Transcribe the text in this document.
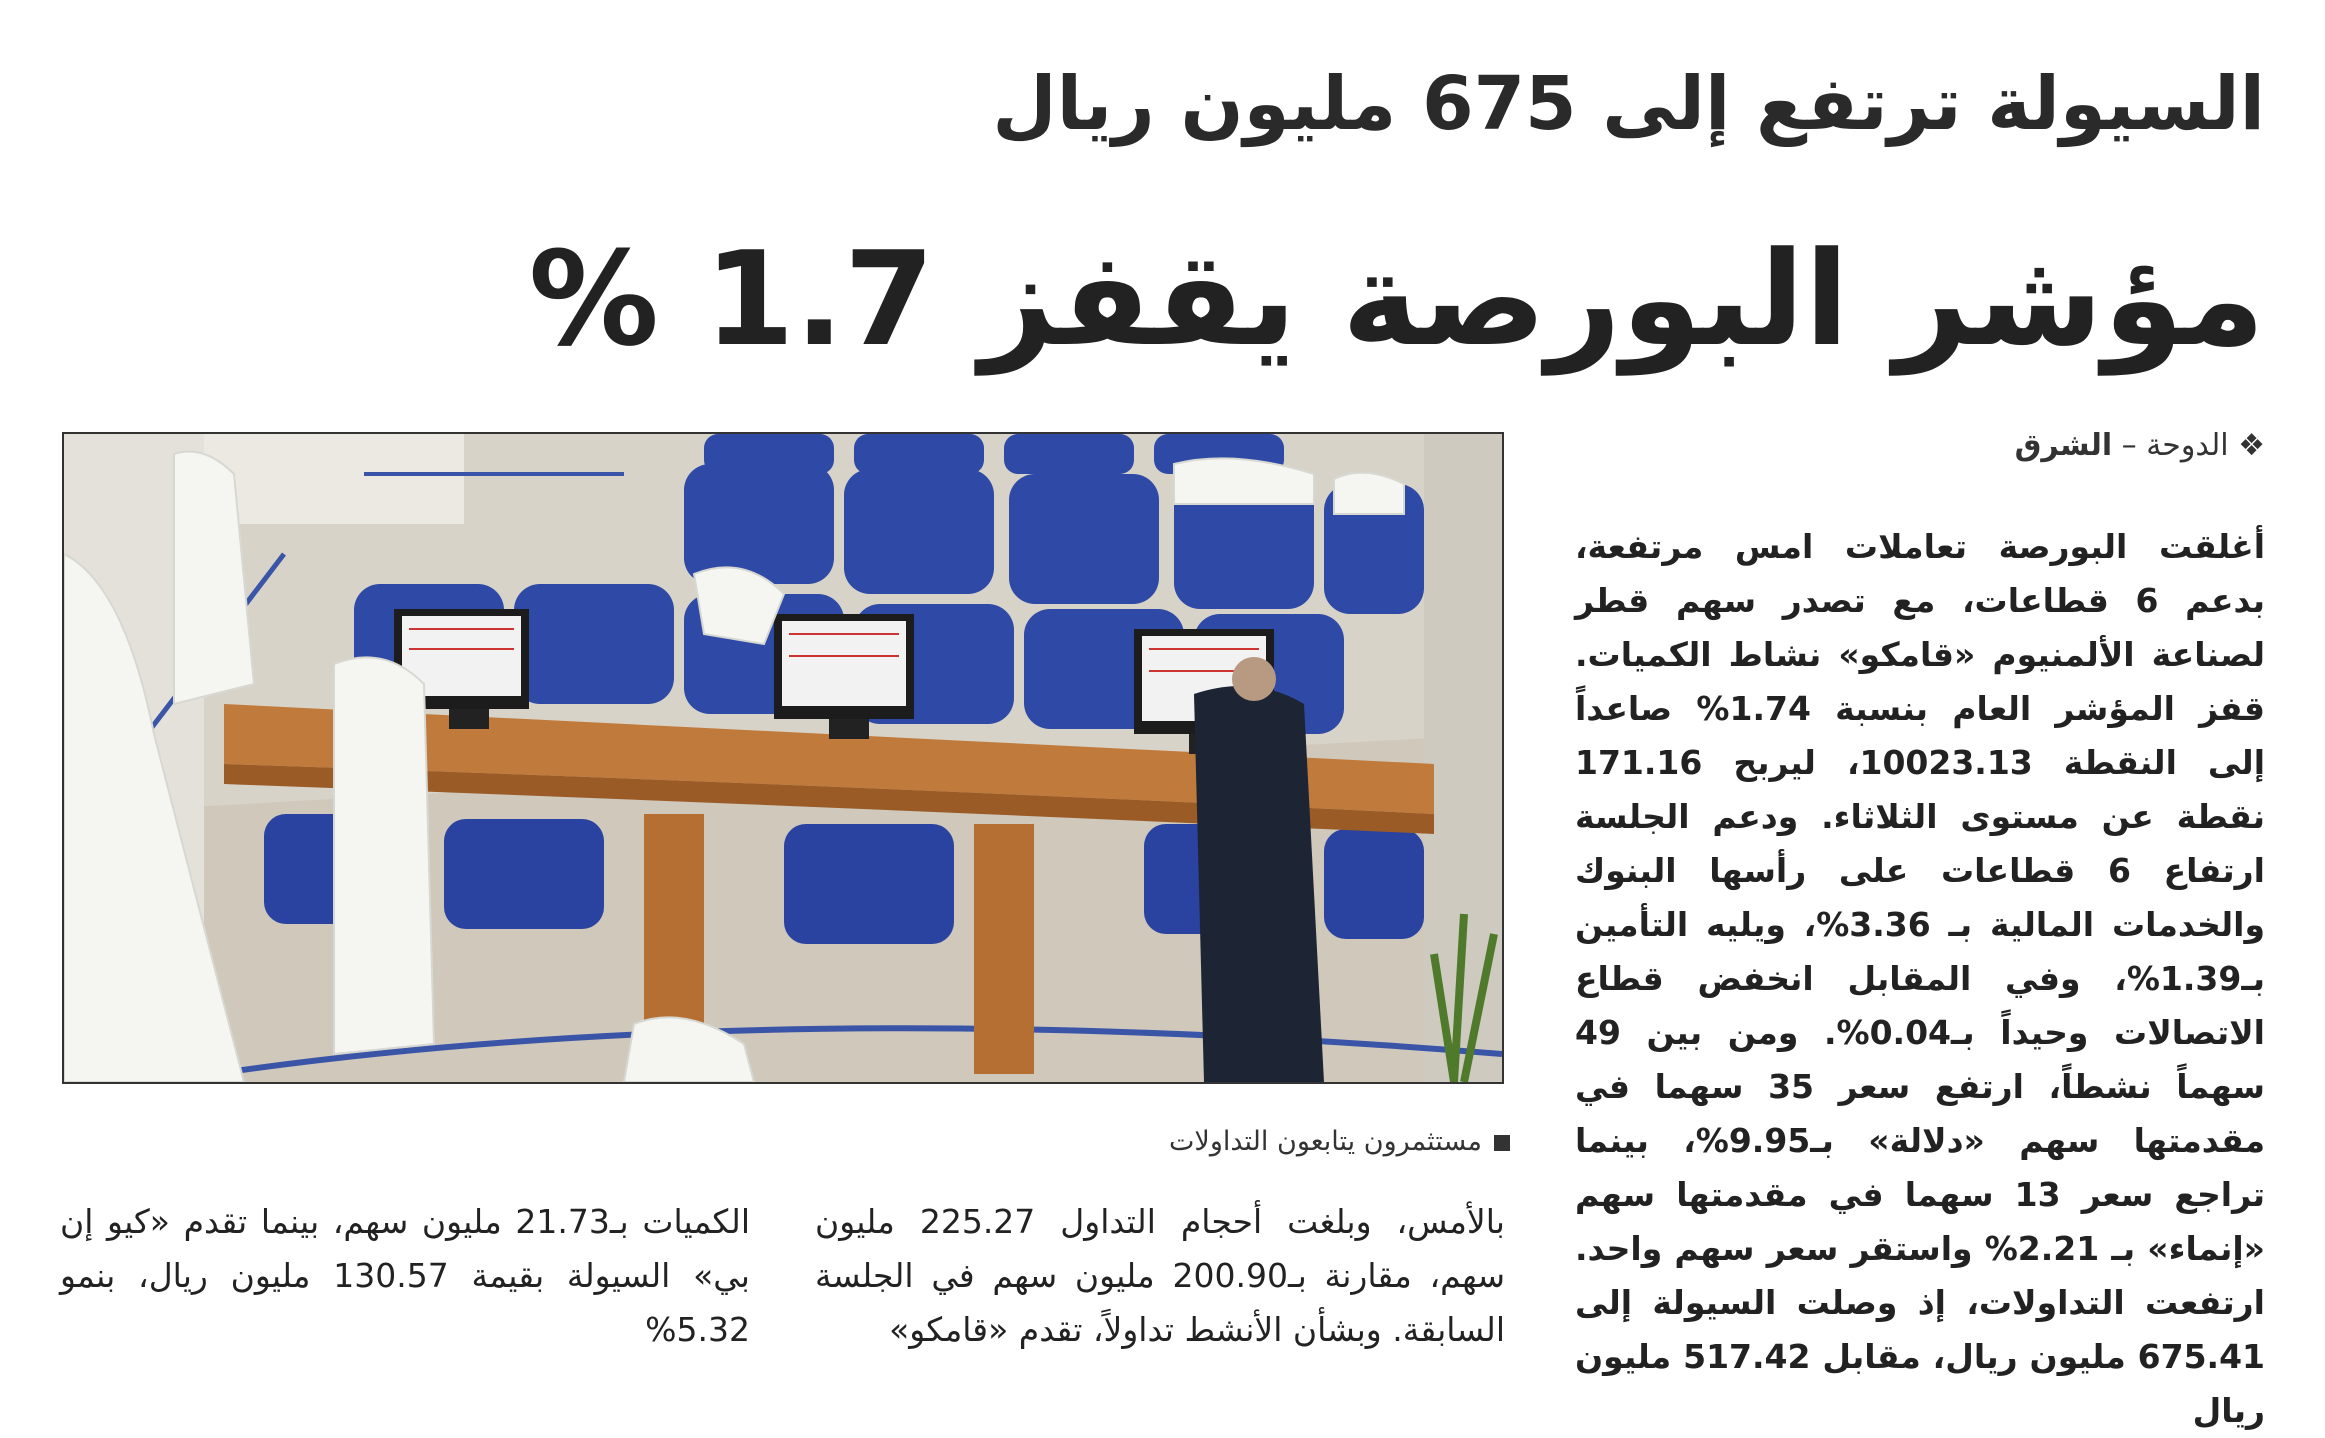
السيولة ترتفع إلى 675 مليون ريال
مؤشر البورصة يقفز 1.7 %
❖ الدوحة – الشرق
أغلقت البورصة تعاملات امس مرتفعة، بدعم 6 قطاعات، مع تصدر سهم قطر لصناعة الألمنيوم «قامكو» نشاط الكميات. قفز المؤشر العام بنسبة 1.74% صاعداً إلى النقطة 10023.13، ليربح 171.16 نقطة عن مستوى الثلاثاء. ودعم الجلسة ارتفاع 6 قطاعات على رأسها البنوك والخدمات المالية بـ 3.36%، ويليه التأمين بـ1.39%، وفي المقابل انخفض قطاع الاتصالات وحيداً بـ0.04%. ومن بين 49 سهماً نشطاً، ارتفع سعر 35 سهما في مقدمتها سهم «دلالة» بـ9.95%، بينما تراجع سعر 13 سهما في مقدمتها سهم «إنماء» بـ 2.21% واستقر سعر سهم واحد. ارتفعت التداولات، إذ وصلت السيولة إلى 675.41 مليون ريال، مقابل 517.42 مليون ريال
مستثمرون يتابعون التداولات
بالأمس، وبلغت أحجام التداول 225.27 مليون سهم، مقارنة بـ200.90 مليون سهم في الجلسة السابقة. وبشأن الأنشط تداولاً، تقدم «قامكو»
الكميات بـ21.73 مليون سهم، بينما تقدم «كيو إن بي» السيولة بقيمة 130.57 مليون ريال، بنمو 5.32%
